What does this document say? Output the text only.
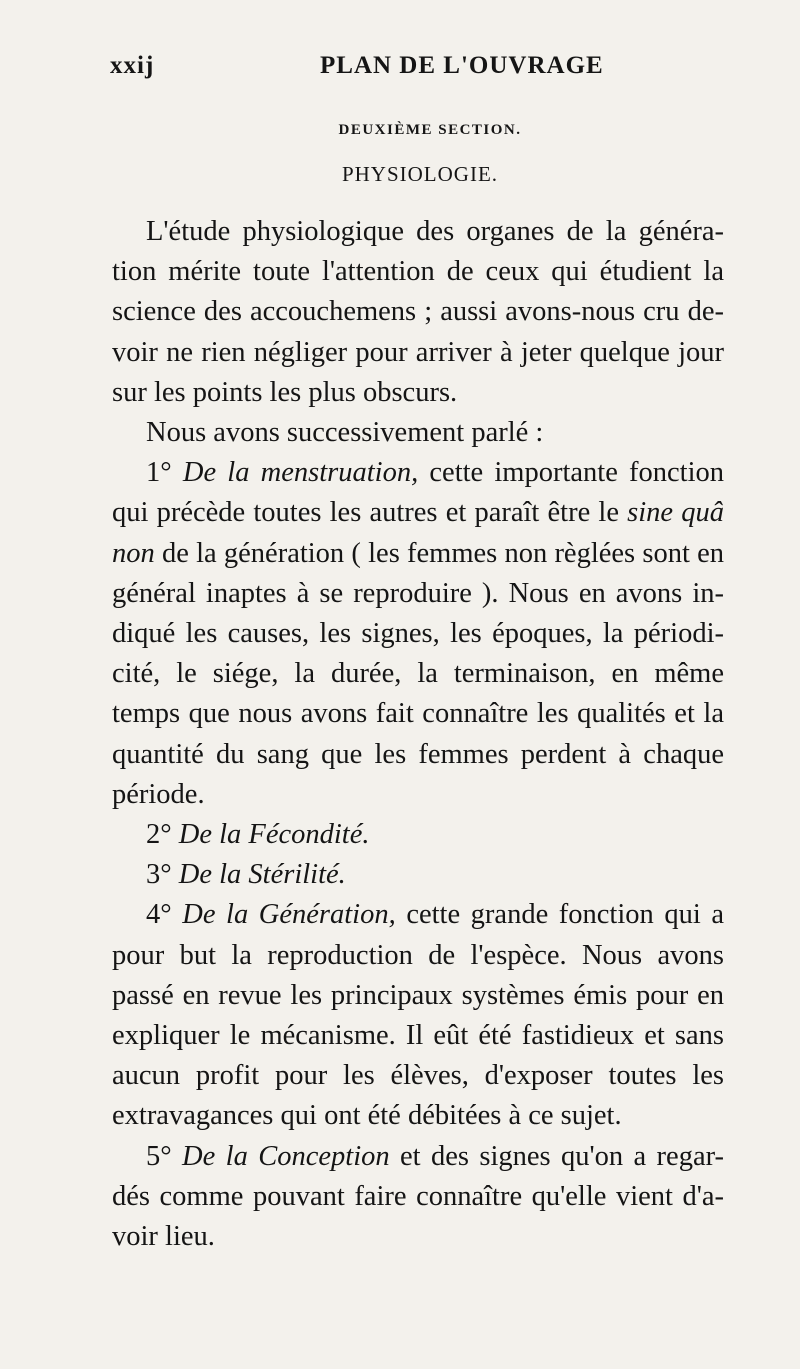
xxij	PLAN DE L'OUVRAGE
DEUXIÈME SECTION.
PHYSIOLOGIE.

L'étude physiologique des organes de la généra-tion mérite toute l'attention de ceux qui étudient la science des accouchemens ; aussi avons-nous cru de-voir ne rien négliger pour arriver à jeter quelque jour sur les points les plus obscurs.

Nous avons successivement parlé :

1° De la menstruation, cette importante fonction qui précède toutes les autres et paraît être le sine quâ non de la génération ( les femmes non règlées sont en général inaptes à se reproduire ). Nous en avons in-diqué les causes, les signes, les époques, la périodi-cité, le siége, la durée, la terminaison, en même temps que nous avons fait connaître les qualités et la quantité du sang que les femmes perdent à chaque période.

2° De la Fécondité.

3° De la Stérilité.

4° De la Génération, cette grande fonction qui a pour but la reproduction de l'espèce. Nous avons passé en revue les principaux systèmes émis pour en expliquer le mécanisme. Il eût été fastidieux et sans aucun profit pour les élèves, d'exposer toutes les extravagances qui ont été débitées à ce sujet.

5° De la Conception et des signes qu'on a regar-dés comme pouvant faire connaître qu'elle vient d'a-voir lieu.
